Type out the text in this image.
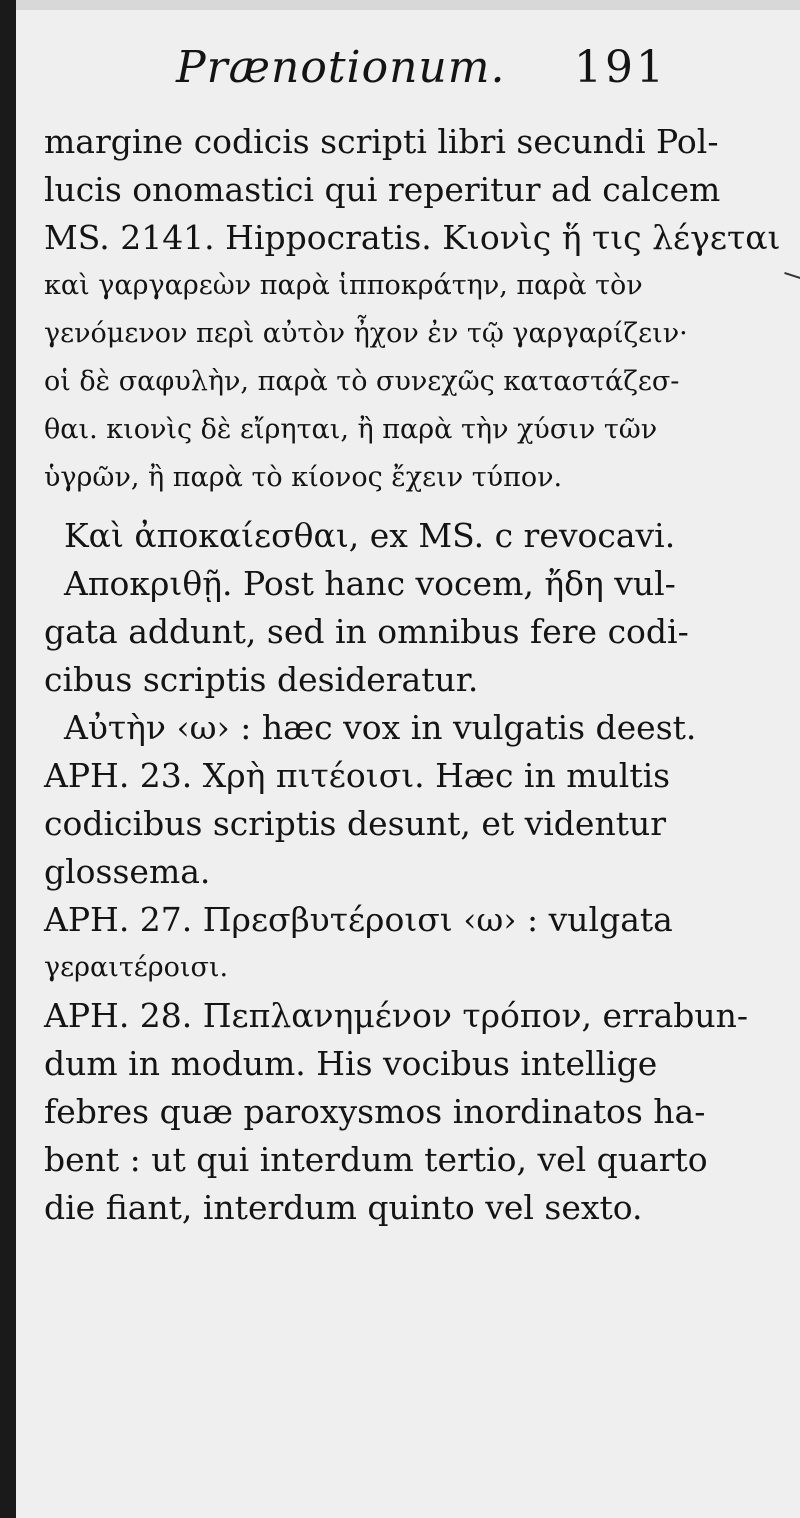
Prænotionum. 191
margine codicis scripti libri secundi Pol-
lucis onomastici qui reperitur ad calcem
MS. 2141. Hippocratis. Κιονὶς ἥ τις λέγεται
καὶ γαργαρεὼν παρὰ ἱπποκράτην, παρὰ τὸν
γενόμενον περὶ αὐτὸν ἦχον ἐν τῷ γαργαρίζειν·
οἱ δὲ σαφυλὴν, παρὰ τὸ συνεχῶς καταστάζεσ-
θαι. κιονὶς δὲ εἴρηται, ἢ παρὰ τὴν χύσιν τῶν
ὑγρῶν, ἢ παρὰ τὸ κίονος ἔχειν τύπον.
Καὶ ἀποκαίεσθαι, ex MS. c revocavi.
Αποκριθῇ. Post hanc vocem, ἤδη vul-
gata addunt, sed in omnibus fere codi-
cibus scriptis desideratur.
Αὐτὴν ‹ω› : hæc vox in vulgatis deest.
APH. 23. Χρὴ πιτέοισι. Hæc in multis
codicibus scriptis desunt, et videntur
glossema.
APH. 27. Πρεσβυτέροισι ‹ω› : vulgata
γεραιτέροισι.
APH. 28. Πεπλανημένον τρόπον, errabun-
dum in modum. His vocibus intellige
febres quæ paroxysmos inordinatos ha-
bent : ut qui interdum tertio, vel quarto
die fiant, interdum quinto vel sexto.
